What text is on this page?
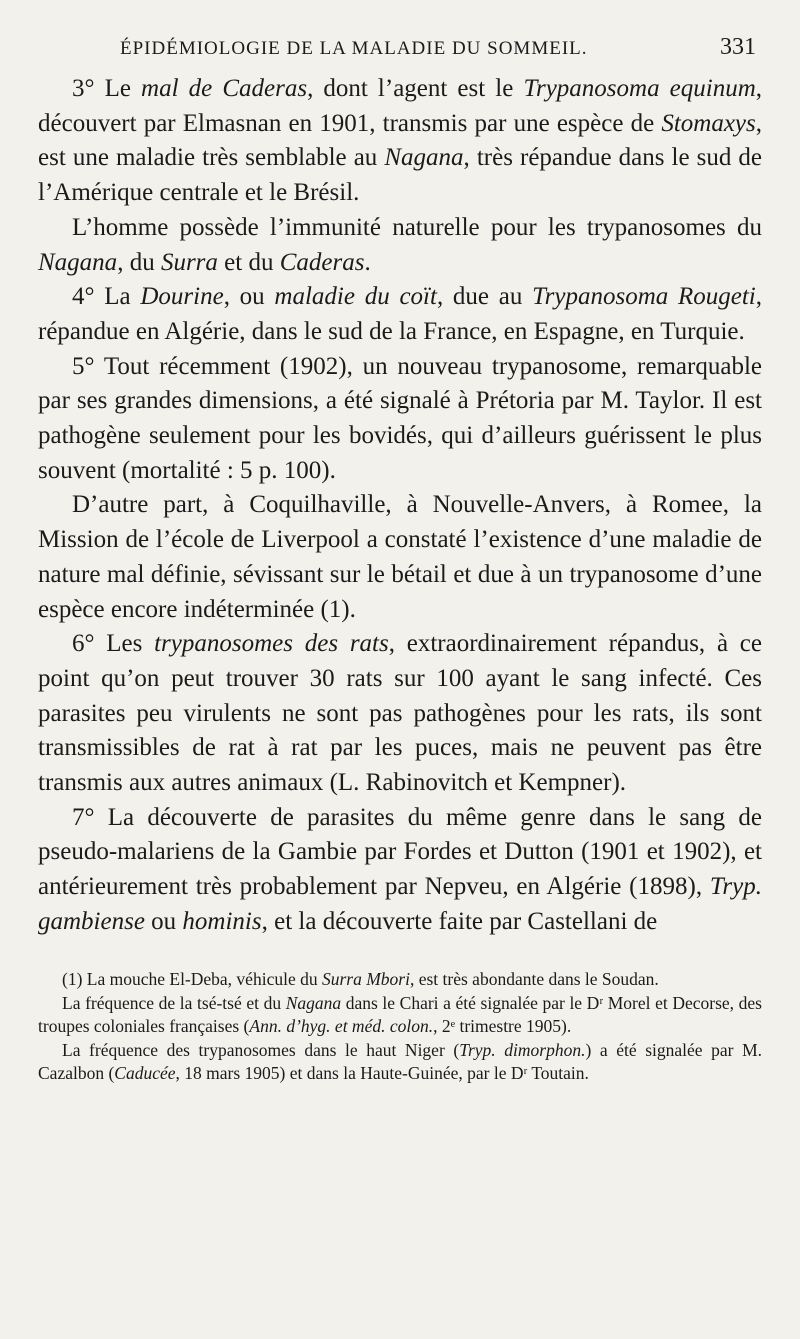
ÉPIDÉMIOLOGIE DE LA MALADIE DU SOMMEIL.	331

3° Le mal de Caderas, dont l’agent est le Trypanosoma equinum, découvert par Elmasnan en 1901, transmis par une espèce de Stomaxys, est une maladie très semblable au Nagana, très répandue dans le sud de l’Amérique centrale et le Brésil.

L’homme possède l’immunité naturelle pour les trypanosomes du Nagana, du Surra et du Caderas.

4° La Dourine, ou maladie du coït, due au Trypanosoma Rougeti, répandue en Algérie, dans le sud de la France, en Espagne, en Turquie.

5° Tout récemment (1902), un nouveau trypanosome, remarquable par ses grandes dimensions, a été signalé à Prétoria par M. Taylor. Il est pathogène seulement pour les bovidés, qui d’ailleurs guérissent le plus souvent (mortalité : 5 p. 100).

D’autre part, à Coquilhaville, à Nouvelle-Anvers, à Romee, la Mission de l’école de Liverpool a constaté l’existence d’une maladie de nature mal définie, sévissant sur le bétail et due à un trypanosome d’une espèce encore indéterminée (1).

6° Les trypanosomes des rats, extraordinairement répandus, à ce point qu’on peut trouver 30 rats sur 100 ayant le sang infecté. Ces parasites peu virulents ne sont pas pathogènes pour les rats, ils sont transmissibles de rat à rat par les puces, mais ne peuvent pas être transmis aux autres animaux (L. Rabinovitch et Kempner).

7° La découverte de parasites du même genre dans le sang de pseudo-malariens de la Gambie par Fordes et Dutton (1901 et 1902), et antérieurement très probablement par Nepveu, en Algérie (1898), Tryp. gambiense ou hominis, et la découverte faite par Castellani de

(1) La mouche El-Deba, véhicule du Surra Mbori, est très abondante dans le Soudan.

La fréquence de la tsé-tsé et du Nagana dans le Chari a été signalée par le Dʳ Morel et Decorse, des troupes coloniales françaises (Ann. d’hyg. et méd. colon., 2ᵉ trimestre 1905).

La fréquence des trypanosomes dans le haut Niger (Tryp. dimorphon.) a été signalée par M. Cazalbon (Caducée, 18 mars 1905) et dans la Haute-Guinée, par le Dʳ Toutain.
